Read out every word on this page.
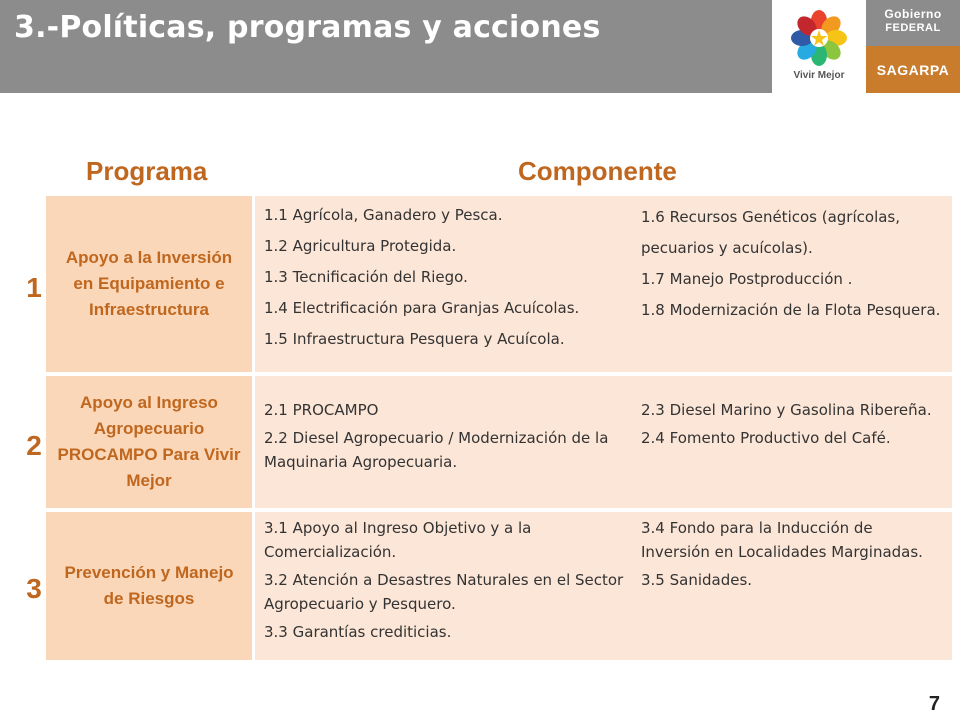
3.-Políticas, programas y acciones
Vivir Mejor
Gobierno
FEDERAL
SAGARPA
Programa	Componente
1
Apoyo a la Inversión en Equipamiento e Infraestructura
1.1 Agrícola, Ganadero y Pesca.
1.2 Agricultura Protegida.
1.3 Tecnificación del Riego.
1.4 Electrificación para Granjas Acuícolas.
1.5 Infraestructura Pesquera y Acuícola.
1.6 Recursos Genéticos (agrícolas, pecuarios y acuícolas).
1.7 Manejo Postproducción .
1.8 Modernización de la Flota Pesquera.
2
Apoyo al Ingreso Agropecuario PROCAMPO Para Vivir Mejor
2.1 PROCAMPO
2.2 Diesel Agropecuario / Modernización de la Maquinaria Agropecuaria.
2.3 Diesel Marino y Gasolina Ribereña.
2.4 Fomento Productivo del Café.
3
Prevención y Manejo de Riesgos
3.1 Apoyo al Ingreso Objetivo y a la Comercialización.
3.2 Atención a Desastres Naturales en el Sector Agropecuario y Pesquero.
3.3 Garantías crediticias.
3.4 Fondo para la Inducción de Inversión en Localidades Marginadas.
3.5 Sanidades.
7
